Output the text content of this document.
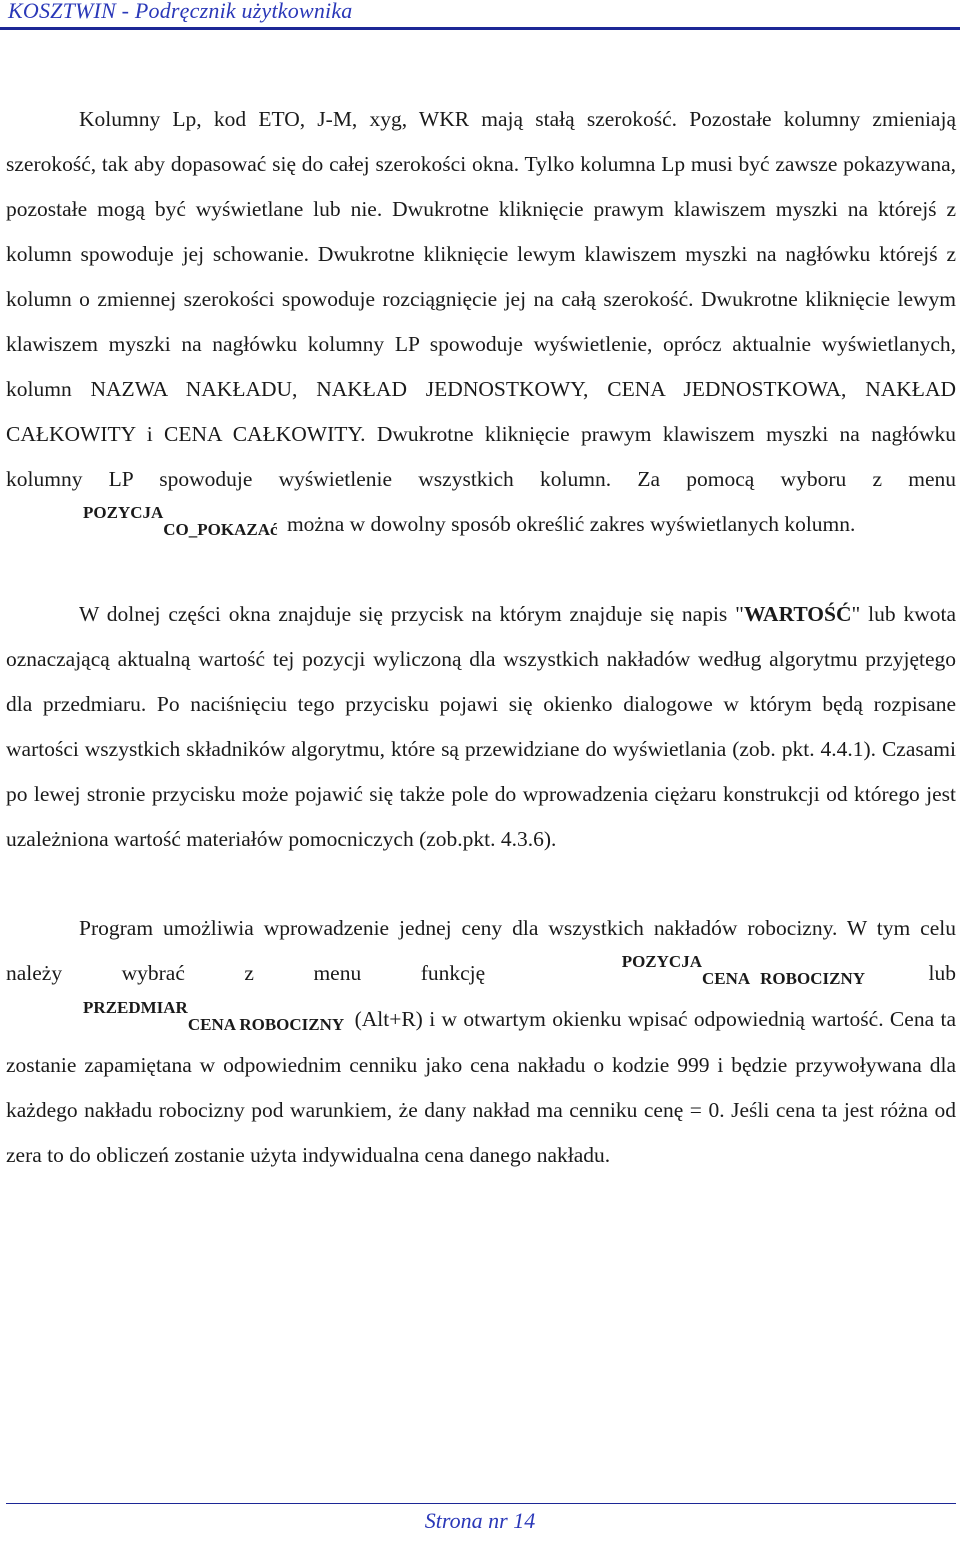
KOSZTWIN - Podręcznik użytkownika

Kolumny Lp, kod ETO, J-M, xyg, WKR mają stałą szerokość. Pozostałe kolumny zmieniają szerokość, tak aby dopasować się do całej szerokości okna. Tylko kolumna Lp musi być zawsze pokazywana, pozostałe mogą być wyświetlane lub nie. Dwukrotne kliknięcie prawym klawiszem myszki na którejś z kolumn spowoduje jej schowanie. Dwukrotne kliknięcie lewym klawiszem myszki na nagłówku którejś z kolumn o zmiennej szerokości spowoduje rozciągnięcie jej na całą szerokość. Dwukrotne kliknięcie lewym klawiszem myszki na nagłówku kolumny LP spowoduje wyświetlenie, oprócz aktualnie wyświetlanych, kolumn NAZWA NAKŁADU, NAKŁAD JEDNOSTKOWY, CENA JEDNOSTKOWA, NAKŁAD CAŁKOWITY i CENA CAŁKOWITY. Dwukrotne kliknięcie prawym klawiszem myszki na nagłówku kolumny LP spowoduje wyświetlenie wszystkich kolumn. Za pomocą wyboru z menu POZYCJACO_POKAZAć można w dowolny sposób określić zakres wyświetlanych kolumn.

W dolnej części okna znajduje się przycisk na którym znajduje się napis "WARTOŚĆ" lub kwota oznaczającą aktualną wartość tej pozycji wyliczoną dla wszystkich nakładów według algorytmu przyjętego dla przedmiaru. Po naciśnięciu tego przycisku pojawi się okienko dialogowe w którym będą rozpisane wartości wszystkich składników algorytmu, które są przewidziane do wyświetlania (zob. pkt. 4.4.1). Czasami po lewej stronie przycisku może pojawić się także pole do wprowadzenia ciężaru konstrukcji od którego jest uzależniona wartość materiałów pomocniczych (zob.pkt. 4.3.6).

Program umożliwia wprowadzenie jednej ceny dla wszystkich nakładów robocizny. W tym celu należy wybrać z menu funkcję	POZYCJACENA ROBOCIZNY	lub PRZEDMIARCENA ROBOCIZNY (Alt+R) i w otwartym okienku wpisać odpowiednią wartość. Cena ta zostanie zapamiętana w odpowiednim cenniku jako cena nakładu o kodzie 999 i będzie przywoływana dla każdego nakładu robocizny pod warunkiem, że dany nakład ma cenniku cenę = 0. Jeśli cena ta jest różna od zera to do obliczeń zostanie użyta indywidualna cena danego nakładu.

Strona nr 14
